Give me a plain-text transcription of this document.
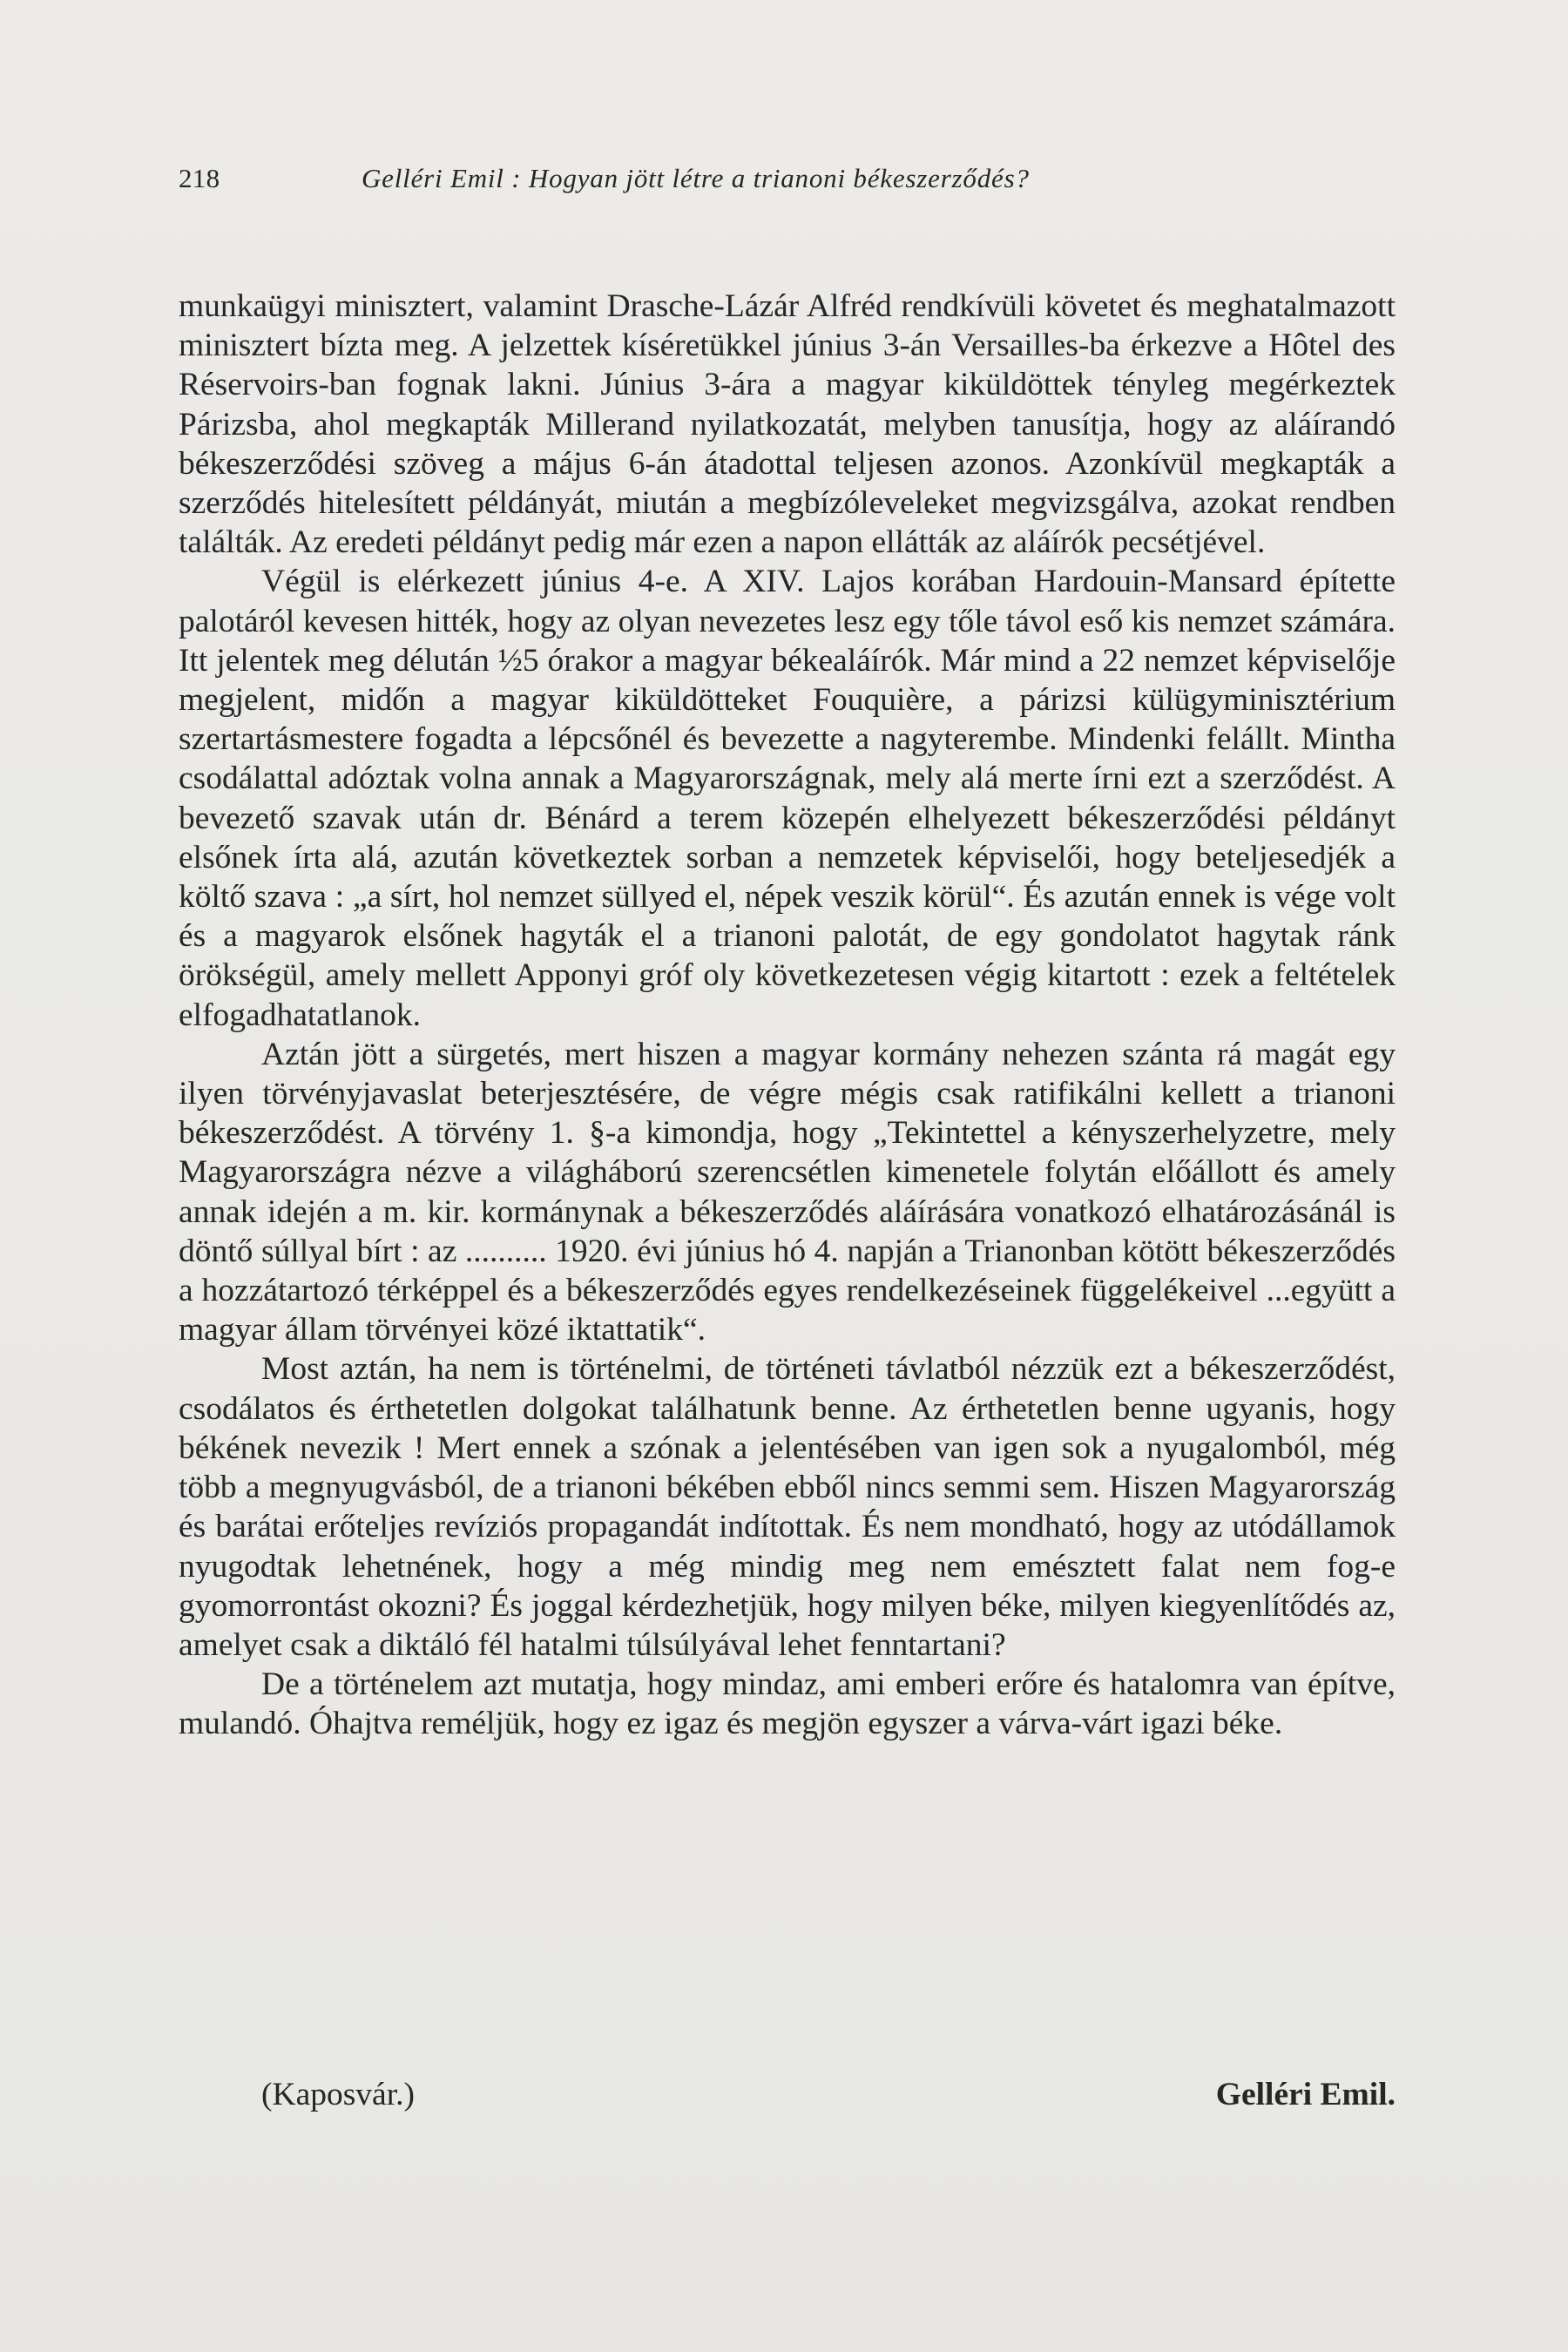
218	Gelléri Emil : Hogyan jött létre a trianoni békeszerződés?

munkaügyi minisztert, valamint Drasche-Lázár Alfréd rendkívüli követet és meghatalmazott minisztert bízta meg. A jelzettek kíséretükkel június 3-án Versailles-ba érkezve a Hôtel des Réservoirs-ban fognak lakni. Június 3-ára a magyar kiküldöttek tényleg megérkeztek Párizsba, ahol megkapták Millerand nyilatkozatát, melyben tanusítja, hogy az aláírandó békeszerződési szöveg a május 6-án átadottal teljesen azonos. Azonkívül megkapták a szerződés hitelesített példányát, miután a megbízóleveleket megvizsgálva, azokat rendben találták. Az eredeti példányt pedig már ezen a napon ellátták az aláírók pecsétjével.

Végül is elérkezett június 4-e. A XIV. Lajos korában Hardouin-Mansard építette palotáról kevesen hitték, hogy az olyan nevezetes lesz egy tőle távol eső kis nemzet számára. Itt jelentek meg délután ½5 órakor a magyar békealáírók. Már mind a 22 nemzet képviselője megjelent, midőn a magyar kiküldötteket Fouquière, a párizsi külügyminisztérium szertartásmestere fogadta a lépcsőnél és bevezette a nagyterembe. Mindenki felállt. Mintha csodálattal adóztak volna annak a Magyarországnak, mely alá merte írni ezt a szerződést. A bevezető szavak után dr. Bénárd a terem közepén elhelyezett békeszerződési példányt elsőnek írta alá, azután következtek sorban a nemzetek képviselői, hogy beteljesedjék a költő szava : „a sírt, hol nemzet süllyed el, népek veszik körül“. És azután ennek is vége volt és a magyarok elsőnek hagyták el a trianoni palotát, de egy gondolatot hagytak ránk örökségül, amely mellett Apponyi gróf oly következetesen végig kitartott : ezek a feltételek elfogadhatatlanok.

Aztán jött a sürgetés, mert hiszen a magyar kormány nehezen szánta rá magát egy ilyen törvényjavaslat beterjesztésére, de végre mégis csak ratifikálni kellett a trianoni békeszerződést. A törvény 1. §-a kimondja, hogy „Tekintettel a kényszerhelyzetre, mely Magyarországra nézve a világháború szerencsétlen kimenetele folytán előállott és amely annak idején a m. kir. kormánynak a békeszerződés aláírására vonatkozó elhatározásánál is döntő súllyal bírt : az .......... 1920. évi június hó 4. napján a Trianonban kötött békeszerződés a hozzátartozó térképpel és a békeszerződés egyes rendelkezéseinek függelékeivel ...együtt a magyar állam törvényei közé iktattatik“.

Most aztán, ha nem is történelmi, de történeti távlatból nézzük ezt a békeszerződést, csodálatos és érthetetlen dolgokat találhatunk benne. Az érthetetlen benne ugyanis, hogy békének nevezik ! Mert ennek a szónak a jelentésében van igen sok a nyugalomból, még több a megnyugvásból, de a trianoni békében ebből nincs semmi sem. Hiszen Magyarország és barátai erőteljes revíziós propagandát indítottak. És nem mondható, hogy az utódállamok nyugodtak lehetnének, hogy a még mindig meg nem emésztett falat nem fog-e gyomorrontást okozni? És joggal kérdezhetjük, hogy milyen béke, milyen kiegyenlítődés az, amelyet csak a diktáló fél hatalmi túlsúlyával lehet fenntartani?

De a történelem azt mutatja, hogy mindaz, ami emberi erőre és hatalomra van építve, mulandó. Óhajtva reméljük, hogy ez igaz és megjön egyszer a várva-várt igazi béke.

(Kaposvár.)	Gelléri Emil.
